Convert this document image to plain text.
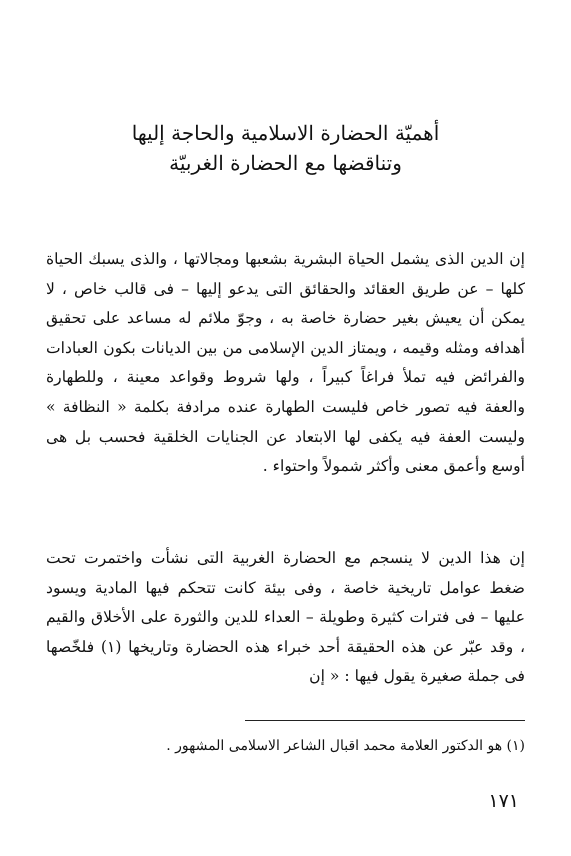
أهميّة الحضارة الاسلامية والحاجة إليها
وتناقضها مع الحضارة الغربيّة

إن الدين الذى يشمل الحياة البشرية بشعبها ومجالاتها ، والذى يسبك الحياة كلها – عن طريق العقائد والحقائق التى يدعو إليها – فى قالب خاص ، لا يمكن أن يعيش بغير حضارة خاصة به ، وجوّ ملائم له مساعد على تحقيق أهدافه ومثله وقيمه ، ويمتاز الدين الإسلامى من بين الديانات بكون العبادات والفرائض فيه تملأ فراغاً كبيراً ، ولها شروط وقواعد معينة ، وللطهارة والعفة فيه تصور خاص فليست الطهارة عنده مرادفة بكلمة « النظافة » وليست العفة فيه يكفى لها الابتعاد عن الجنايات الخلقية فحسب بل هى أوسع وأعمق معنى وأكثر شمولاً واحتواء .

إن هذا الدين لا ينسجم مع الحضارة الغربية التى نشأت واختمرت تحت ضغط عوامل تاريخية خاصة ، وفى بيئة كانت تتحكم فيها المادية ويسود عليها – فى فترات كثيرة وطويلة – العداء للدين والثورة على الأخلاق والقيم ، وقد عبّر عن هذه الحقيقة أحد خبراء هذه الحضارة وتاريخها (١) فلخّصها فى جملة صغيرة يقول فيها : « إن

(١) هو الدكتور العلامة محمد اقبال الشاعر الاسلامى المشهور .
١٧١
